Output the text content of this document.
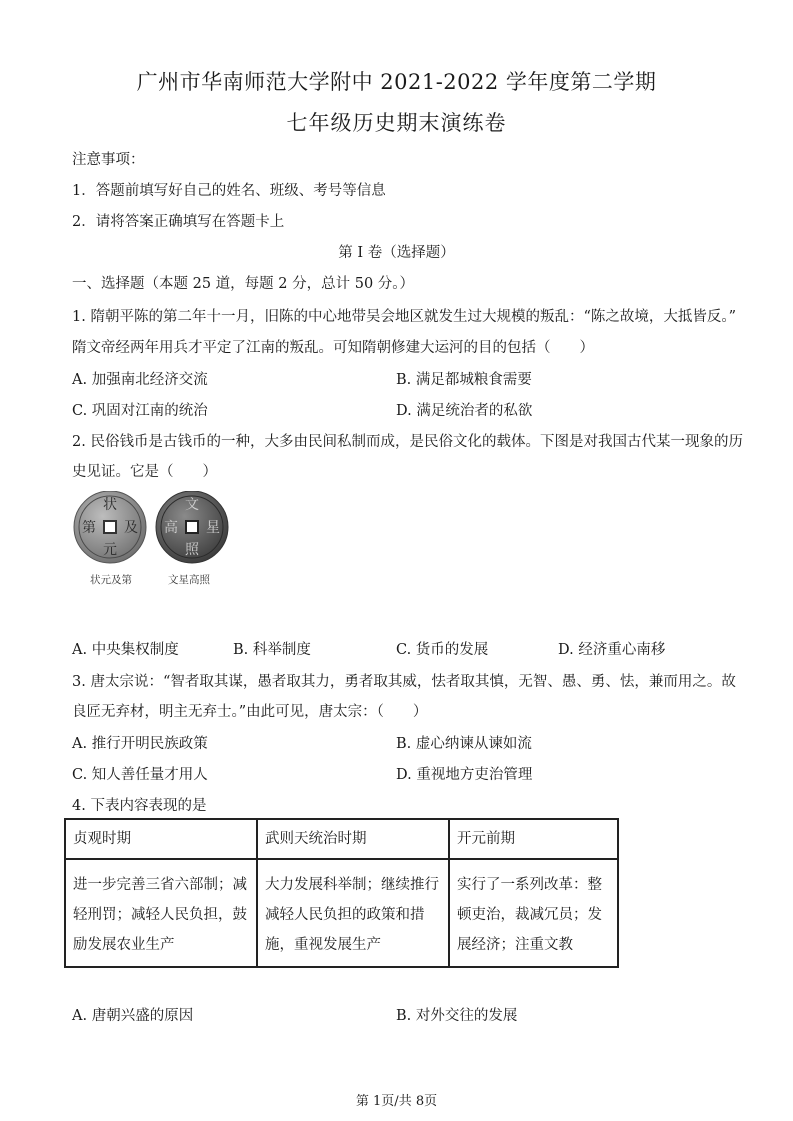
广州市华南师范大学附中 2021-2022 学年度第二学期
七年级历史期末演练卷
注意事项：
1．答题前填写好自己的姓名、班级、考号等信息
2．请将答案正确填写在答题卡上
第 I 卷（选择题）
一、选择题（本题 25 道，每题 2 分，总计 50 分。）
1. 隋朝平陈的第二年十一月，旧陈的中心地带吴会地区就发生过大规模的叛乱：“陈之故境，大抵皆反。”
隋文帝经两年用兵才平定了江南的叛乱。可知隋朝修建大运河的目的包括（　　）
A. 加强南北经济交流	B. 满足都城粮食需要
C. 巩固对江南的统治	D. 满足统治者的私欲
2. 民俗钱币是古钱币的一种，大多由民间私制而成，是民俗文化的载体。下图是对我国古代某一现象的历
史见证。它是（　　）
状
及
元
第
文
星
照
高
状元及第	文星高照
A. 中央集权制度	B. 科举制度	C. 货币的发展	D. 经济重心南移
3. 唐太宗说：“智者取其谋，愚者取其力，勇者取其威，怯者取其慎，无智、愚、勇、怯，兼而用之。故
良匠无弃材，明主无弃士。”由此可见，唐太宗：（　　）
A. 推行开明民族政策	B. 虚心纳谏从谏如流
C. 知人善任量才用人	D. 重视地方吏治管理
4. 下表内容表现的是
贞观时期	武则天统治时期	开元前期
进一步完善三省六部制；减轻刑罚；减轻人民负担，鼓励发展农业生产	大力发展科举制；继续推行减轻人民负担的政策和措施，重视发展生产	实行了一系列改革：整顿吏治，裁减冗员；发展经济；注重文教
A. 唐朝兴盛的原因	B. 对外交往的发展
第 1页/共 8页
